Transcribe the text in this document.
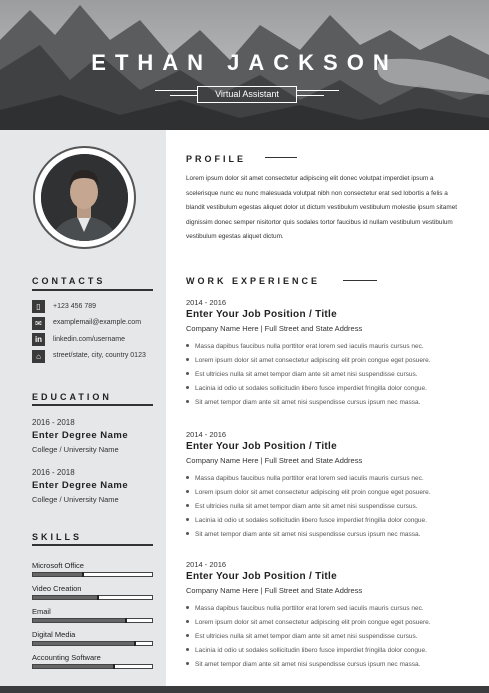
ETHAN JACKSON
Virtual Assistant
CONTACTS
▯	+123 456 789
✉	examplemail@example.com
in	linkedin.com/username
⌂	street/state, city, country 0123
EDUCATION
2016 - 2018
Enter Degree Name
College / University Name
2016 - 2018
Enter Degree Name
College / University Name
SKILLS
Microsoft Office
Video Creation
Email
Digital Media
Accounting Software
PROFILE
Lorem ipsum dolor sit amet consectetur adipiscing elit donec volutpat imperdiet ipsum a scelerisque nunc eu nunc malesuada volutpat nibh non consectetur erat sed lobortis a felis a blandit vestibulum egestas aliquet dolor ut dictum vestibulum vestibulum molestie ipsum sitamet dignissim donec semper nisitortor quis sodales tortor faucibus id nullam vestibulum vestibulum vestibulum egestas aliquet dictum.
WORK EXPERIENCE
2014 - 2016
Enter Your Job Position / Title
Company Name Here | Full Street and State Address
Massa dapibus faucibus nulla porttitor erat lorem sed iaculis mauris cursus nec.
Lorem ipsum dolor sit amet consectetur adipiscing elit proin congue eget posuere.
Est ultricies nulla sit amet tempor diam ante sit amet nisi suspendisse cursus.
Lacinia id odio ut sodales sollicitudin libero fusce imperdiet fringilla dolor congue.
Sit amet tempor diam ante sit amet nisi suspendisse cursus ipsum nec massa.
2014 - 2016
Enter Your Job Position / Title
Company Name Here | Full Street and State Address
Massa dapibus faucibus nulla porttitor erat lorem sed iaculis mauris cursus nec.
Lorem ipsum dolor sit amet consectetur adipiscing elit proin congue eget posuere.
Est ultricies nulla sit amet tempor diam ante sit amet nisi suspendisse cursus.
Lacinia id odio ut sodales sollicitudin libero fusce imperdiet fringilla dolor congue.
Sit amet tempor diam ante sit amet nisi suspendisse cursus ipsum nec massa.
2014 - 2016
Enter Your Job Position / Title
Company Name Here | Full Street and State Address
Massa dapibus faucibus nulla porttitor erat lorem sed iaculis mauris cursus nec.
Lorem ipsum dolor sit amet consectetur adipiscing elit proin congue eget posuere.
Est ultricies nulla sit amet tempor diam ante sit amet nisi suspendisse cursus.
Lacinia id odio ut sodales sollicitudin libero fusce imperdiet fringilla dolor congue.
Sit amet tempor diam ante sit amet nisi suspendisse cursus ipsum nec massa.
